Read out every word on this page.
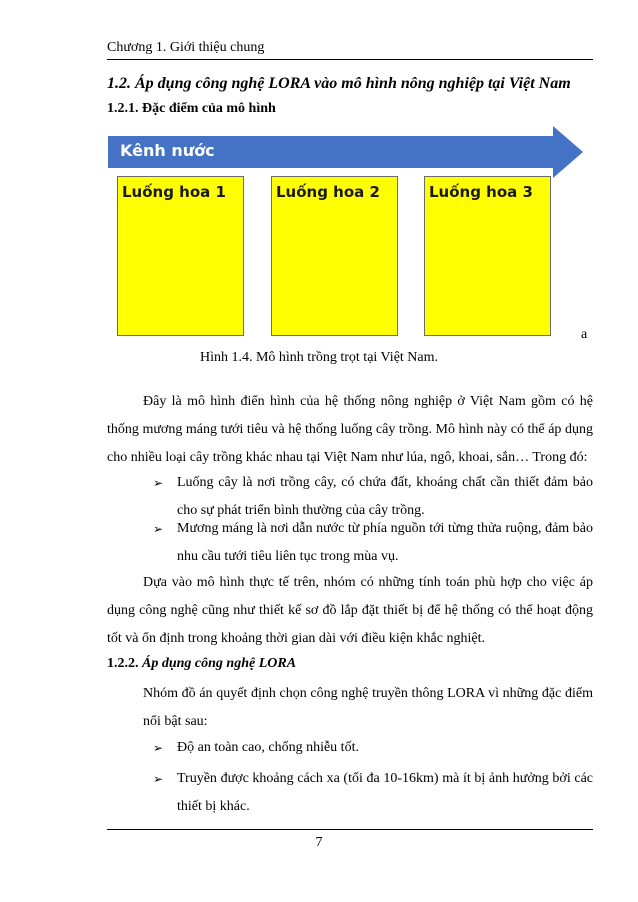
Chương 1. Giới thiệu chung
1.2. Áp dụng công nghệ LORA vào mô hình nông nghiệp tại Việt Nam
1.2.1. Đặc điểm của mô hình
Kênh nước
Luống hoa 1	Luống hoa 2	Luống hoa 3
a
Hình 1.4. Mô hình trồng trọt tại Việt Nam.
Đây là mô hình điển hình của hệ thống nông nghiệp ở Việt Nam gồm có hệ thống mương máng tưới tiêu và hệ thống luống cây trồng. Mô hình này có thể áp dụng cho nhiều loại cây trồng khác nhau tại Việt Nam như lúa, ngô, khoai, sắn… Trong đó:
➢ Luống cây là nơi trồng cây, có chứa đất, khoáng chất cần thiết đảm bảo cho sự phát triển bình thường của cây trồng.
➢ Mương máng là nơi dẫn nước từ phía nguồn tới từng thửa ruộng, đảm bảo nhu cầu tưới tiêu liên tục trong mùa vụ.
Dựa vào mô hình thực tế trên, nhóm có những tính toán phù hợp cho việc áp dụng công nghệ cũng như thiết kế sơ đồ lắp đặt thiết bị để hệ thống có thể hoạt động tốt và ổn định trong khoảng thời gian dài với điều kiện khắc nghiệt.
1.2.2. Áp dụng công nghệ LORA
Nhóm đồ án quyết định chọn công nghệ truyền thông LORA vì những đặc điểm nổi bật sau:
➢ Độ an toàn cao, chống nhiễu tốt.
➢ Truyền được khoảng cách xa (tối đa 10-16km) mà ít bị ảnh hưởng bởi các thiết bị khác.
7
